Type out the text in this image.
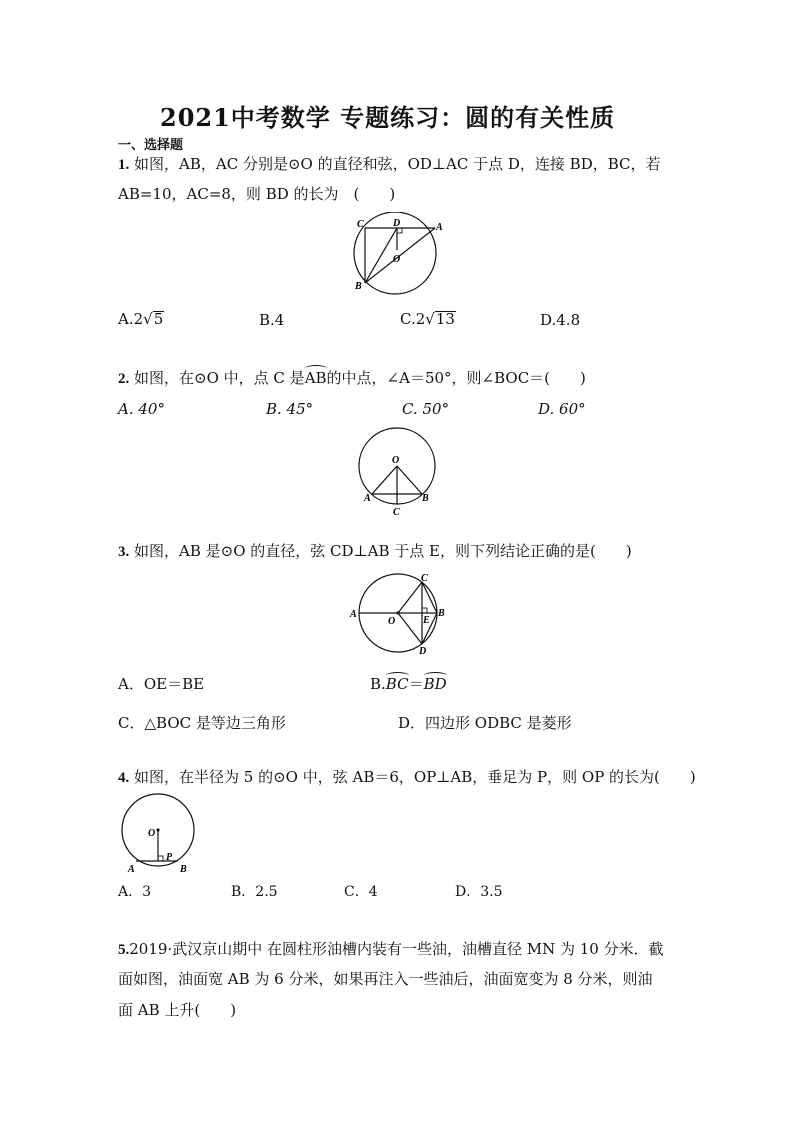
2021中考数学 专题练习：圆的有关性质
一、选择题
1. 如图，AB，AC 分别是⊙O 的直径和弦，OD⊥AC 于点 D，连接 BD，BC，若
AB=10，AC=8，则 BD 的长为　(　　)
C	D	A
O
B
A.2√5	B.4	C.2√13	D.4.8
2. 如图，在⊙O 中，点 C 是AB的中点，∠A＝50°，则∠BOC＝(　　)
A. 40°	B. 45°	C. 50°	D. 60°
O
A	B
C
3. 如图，AB 是⊙O 的直径，弦 CD⊥AB 于点 E，则下列结论正确的是(　　)
A
O	E
B
C
D
A．OE＝BE	B.BC＝BD
C．△BOC 是等边三角形	D．四边形 ODBC 是菱形
4. 如图，在半径为 5 的⊙O 中，弦 AB＝6，OP⊥AB，垂足为 P，则 OP 的长为(　　)
O
P
A	B
A．3	B．2.5	C．4	D．3.5
5.2019·武汉京山期中 在圆柱形油槽内装有一些油，油槽直径 MN 为 10 分米．截
面如图，油面宽 AB 为 6 分米，如果再注入一些油后，油面宽变为 8 分米，则油
面 AB 上升(　　)
